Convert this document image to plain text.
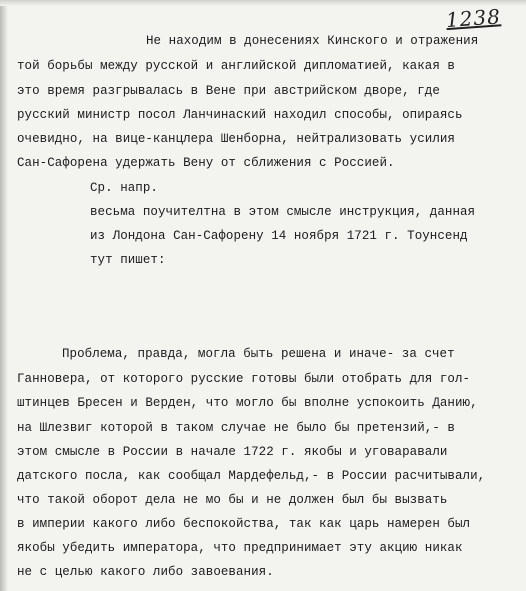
1238
Не находим в донесениях Кинского и отражения
той борьбы между русской и английской дипломатией, какая в
это время разгрывалась в Вене при австрийском дворе, где
русский министр посол Ланчинаский находил способы, опираясь
очевидно, на вице-канцлера Шенборна, нейтрализовать усилия
Сан-Сафорена удержать Вену от сближения с Россией.
Ср. напр.
весьма поучителтна в этом смысле инструкция, данная
из Лондона Сан-Сафорену 14 ноября 1721 г. Тоунсенд
тут пишет:
Проблема, правда, могла быть решена и иначе- за счет
Ганновера, от которого русские готовы были отобрать для гол-
штинцев Бресен и Верден, что могло бы вполне успокоить Данию,
на Шлезвиг которой в таком случае не было бы претензий,- в
этом смысле в России в начале 1722 г. якобы и уговаравали
датского посла, как сообщал Мардефельд,- в России расчитывали,
что такой оборот дела не мо бы и не должен был бы вызвать
в империи какого либо беспокойства, так как царь намерен был
якобы убедить императора, что предпринимает эту акцию никак
не с целью какого либо завоевания.
